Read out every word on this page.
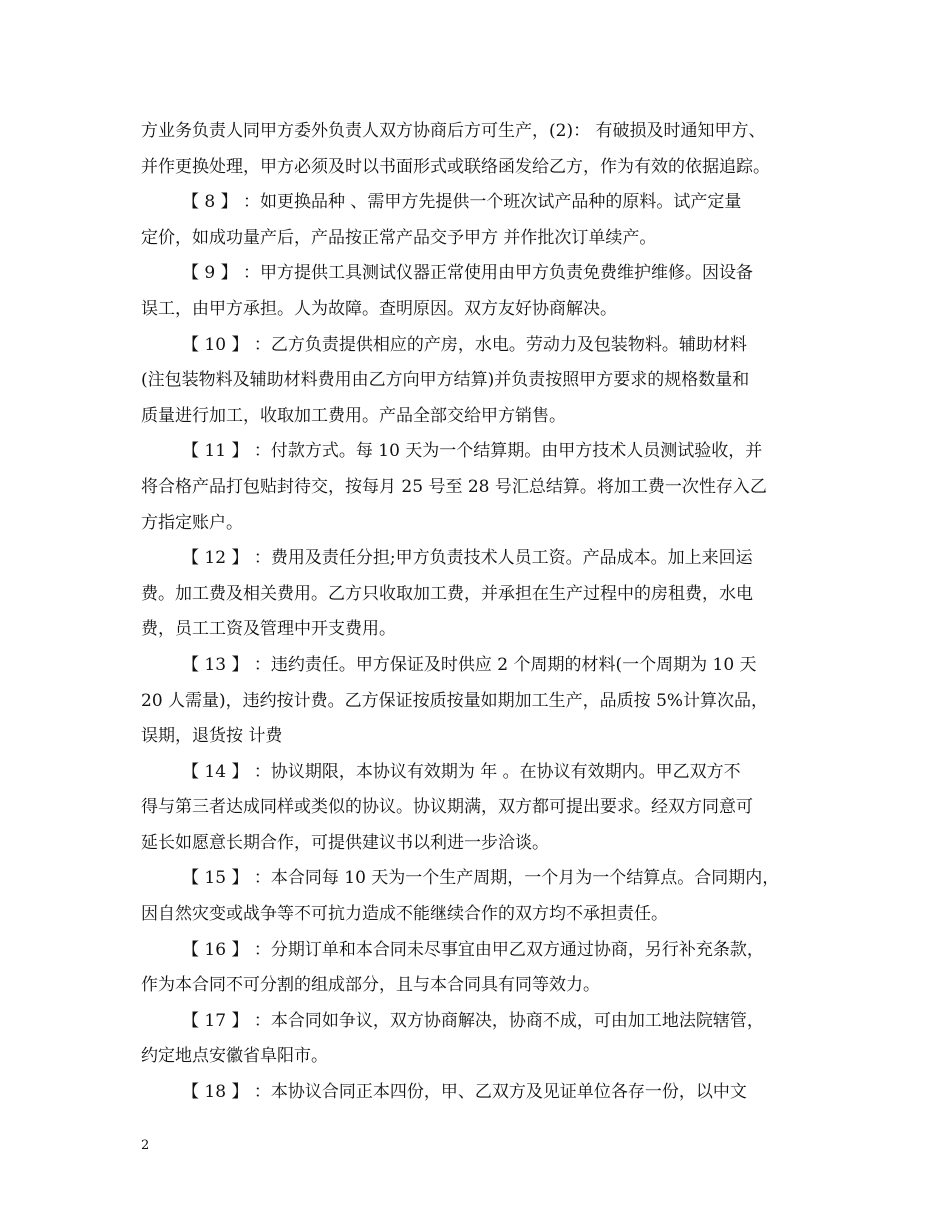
方业务负责人同甲方委外负责人双方协商后方可生产，(2)： 有破损及时通知甲方、
并作更换处理，甲方必须及时以书面形式或联络函发给乙方，作为有效的依据追踪。

【 8 】 ：如更换品种 、需甲方先提供一个班次试产品种的原料。试产定量
定价，如成功量产后，产品按正常产品交予甲方 并作批次订单续产。

【 9 】 ：甲方提供工具测试仪器正常使用由甲方负责免费维护维修。因设备
误工，由甲方承担。人为故障。查明原因。双方友好协商解决。

【 10 】 ：乙方负责提供相应的产房，水电。劳动力及包装物料。辅助材料
(注包装物料及辅助材料费用由乙方向甲方结算)并负责按照甲方要求的规格数量和
质量进行加工，收取加工费用。产品全部交给甲方销售。

【 11 】 ：付款方式。每 10 天为一个结算期。由甲方技术人员测试验收，并
将合格产品打包贴封待交，按每月 25 号至 28 号汇总结算。将加工费一次性存入乙
方指定账户。

【 12 】 ：费用及责任分担;甲方负责技术人员工资。产品成本。加上来回运
费。加工费及相关费用。乙方只收取加工费，并承担在生产过程中的房租费，水电
费，员工工资及管理中开支费用。

【 13 】 ：违约责任。甲方保证及时供应 2 个周期的材料(一个周期为 10 天
20 人需量)，违约按计费。乙方保证按质按量如期加工生产，品质按 5%计算次品，
误期，退货按 计费

【 14 】 ：协议期限，本协议有效期为 年 。在协议有效期内。甲乙双方不
得与第三者达成同样或类似的协议。协议期满，双方都可提出要求。经双方同意可
延长如愿意长期合作，可提供建议书以利进一步洽谈。

【 15 】 ：本合同每 10 天为一个生产周期，一个月为一个结算点。合同期内，
因自然灾变或战争等不可抗力造成不能继续合作的双方均不承担责任。

【 16 】 ：分期订单和本合同未尽事宜由甲乙双方通过协商，另行补充条款，
作为本合同不可分割的组成部分，且与本合同具有同等效力。

【 17 】 ：本合同如争议，双方协商解决，协商不成，可由加工地法院辖管，
约定地点安徽省阜阳市。

【 18 】 ：本协议合同正本四份，甲、乙双方及见证单位各存一份，以中文

2
